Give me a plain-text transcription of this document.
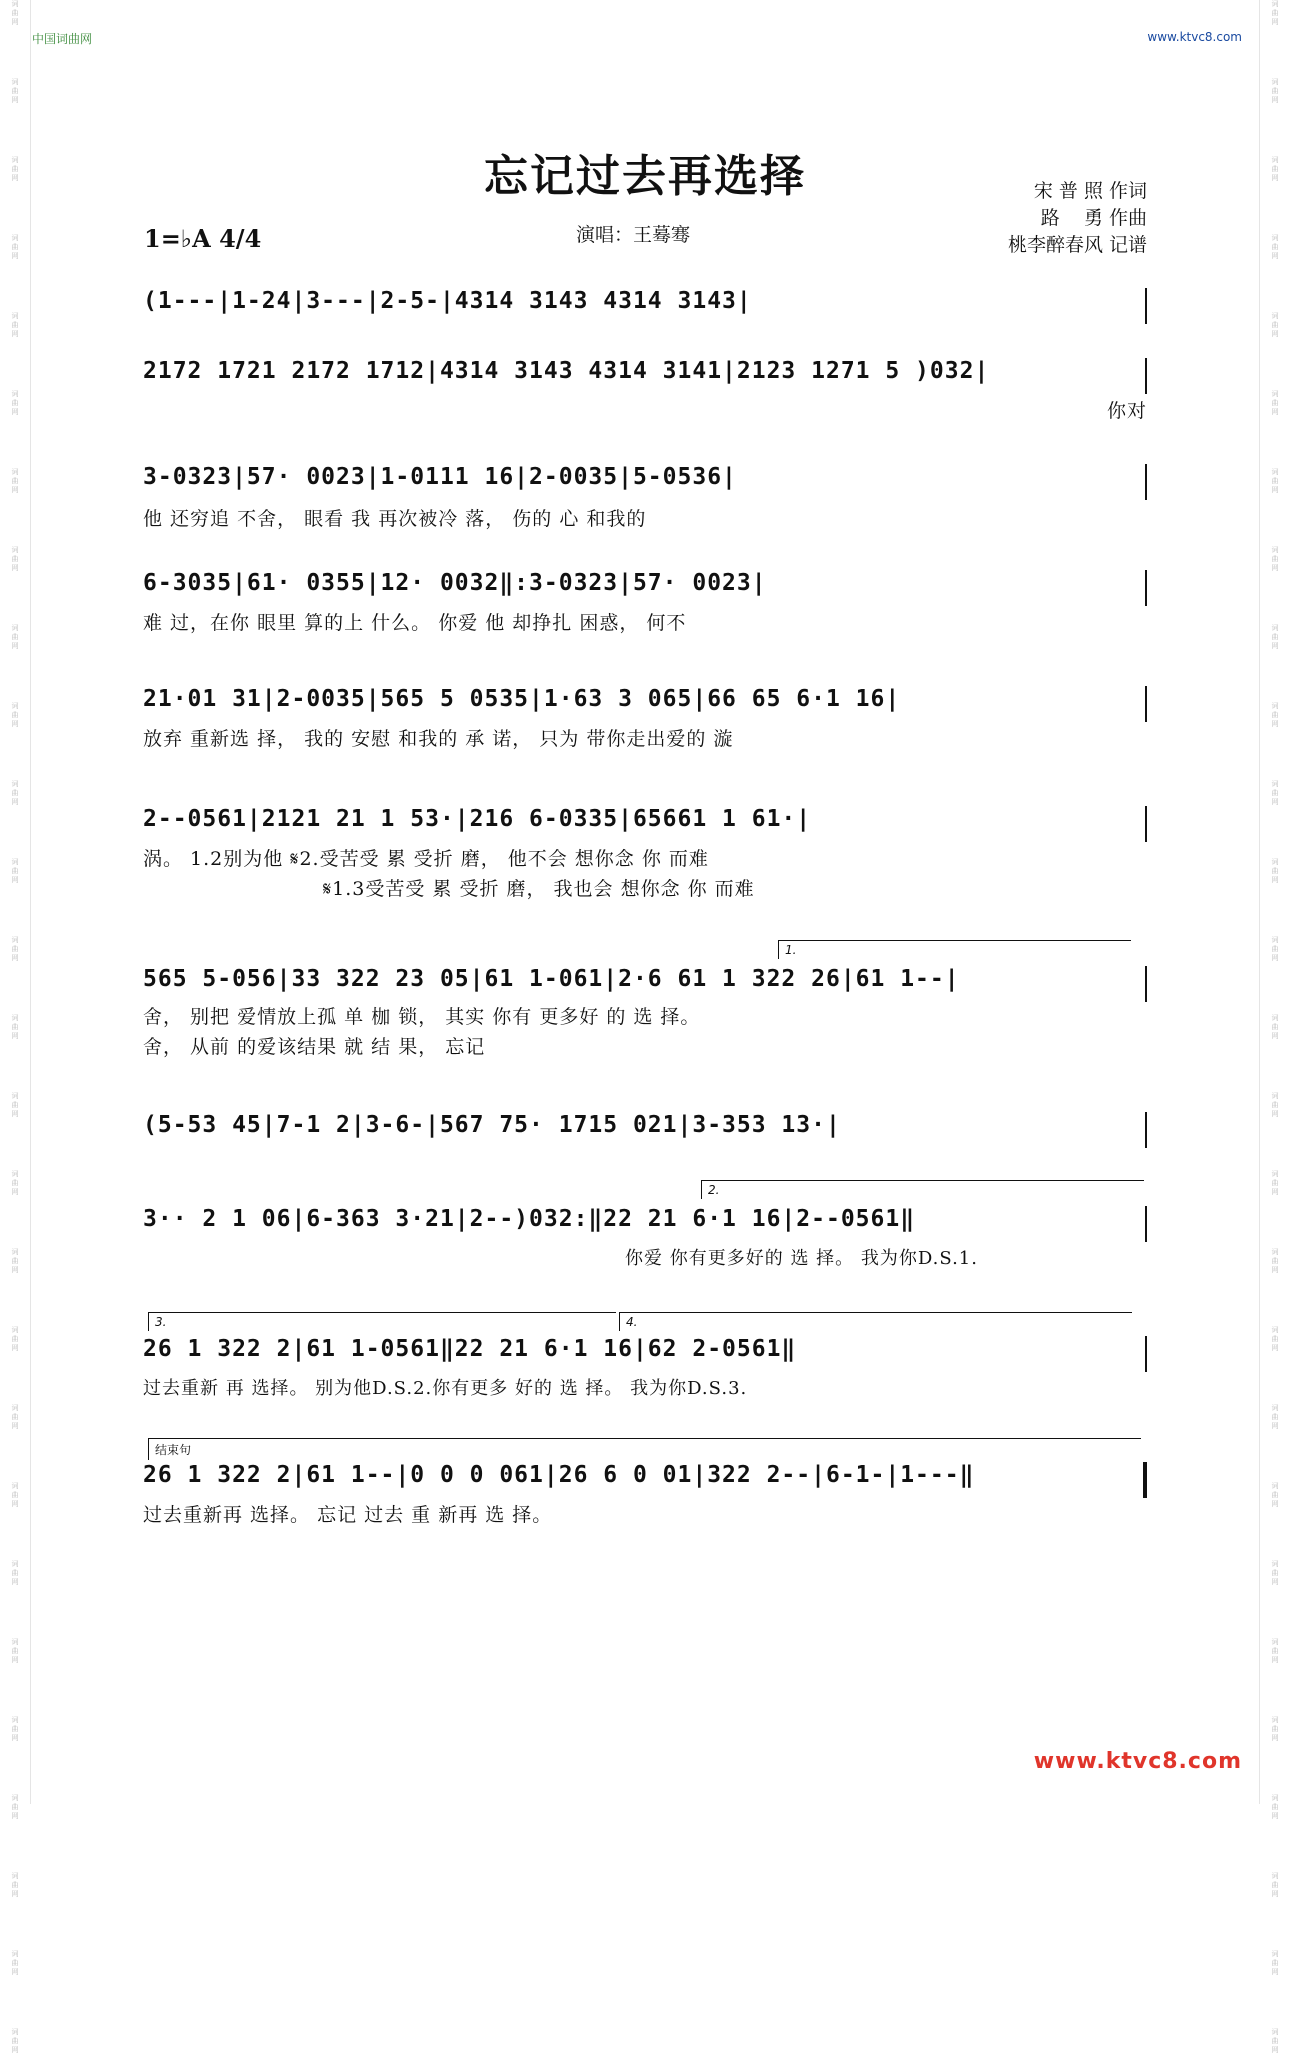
词
曲
网
词
曲
网
词
曲
网
词
曲
网
词
曲
网
词
曲
网
词
曲
网
词
曲
网
词
曲
网
词
曲
网
词
曲
网
词
曲
网
词
曲
网
词
曲
网
词
曲
网
词
曲
网
词
曲
网
词
曲
网
词
曲
网
词
曲
网
词
曲
网
词
曲
网
词
曲
网
词
曲
网
词
曲
网
词
曲
网
词
曲
网
词
曲
网
词
曲
网
词
曲
网
词
曲
网
词
曲
网
词
曲
网
词
曲
网
词
曲
网
词
曲
网
词
曲
网
词
曲
网
词
曲
网
词
曲
网
词
曲
网
词
曲
网
词
曲
网
词
曲
网
词
曲
网
词
曲
网
词
曲
网
词
曲
网
词
曲
网
词
曲
网
词
曲
网
词
曲
网
词
曲
网
词
曲
网
中国词曲网	www.ktvc8.com
忘记过去再选择
1=♭A 4/4	演唱：王蓦骞
宋 普 照 作词
路    勇 作曲
桃李醉春风 记谱
(1---|1-24|3---|2-5-|4314 3143 4314 3143|
2172 1721 2172 1712|4314 3143 4314 3141|2123 1271 5 )032|
你对
3-0323|57· 0023|1-0111 16|2-0035|5-0536|
他 还穷追 不舍， 眼看 我 再次被冷 落， 伤的 心 和我的
6-3035|61· 0355|12· 0032‖:3-0323|57· 0023|
难 过，在你 眼里 算的上 什么。 你爱 他 却挣扎 困惑， 何不
21·01 31|2-0035|565 5 0535|1·63 3 065|66 65 6·1 16|
放弃 重新选 择， 我的 安慰 和我的 承 诺， 只为 带你走出爱的 漩
2--0561|2121 21 1 53·|216 6-0335|65661 1 61·|
涡。 1.2别为他 𝄋2.受苦受 累 受折 磨， 他不会 想你念 你 而难
𝄋1.3受苦受 累 受折 磨， 我也会 想你念 你 而难
1.
565 5-056|33 322 23 05|61 1-061|2·6 61 1 322 26|61 1--|
舍， 别把 爱情放上孤 单 枷 锁， 其实 你有 更多好 的 选 择。
舍， 从前 的爱该结果 就 结 果， 忘记
(5-53 45|7-1 2|3-6-|567 75· 1715 021|3-353 13·|
2.
3·· 2 1 06|6-363 3·21|2--)032:‖22 21 6·1 16|2--0561‖
你爱 你有更多好的 选 择。 我为你D.S.1.
3.	4.
26 1 322 2|61 1-0561‖22 21 6·1 16|62 2-0561‖
过去重新 再 选择。 别为他D.S.2.你有更多 好的 选 择。 我为你D.S.3.
结束句
26 1 322 2|61 1--|0 0 0 061|26 6 0 01|322 2--|6-1-|1---‖
过去重新再 选择。 忘记 过去 重 新再 选 择。
www.ktvc8.com
